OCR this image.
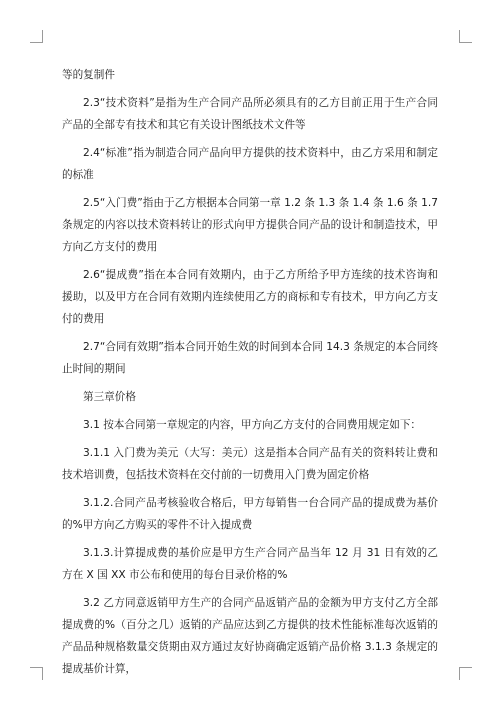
等的复制件

2.3“技术资料”是指为生产合同产品所必须具有的乙方目前正用于生产合同产品的全部专有技术和其它有关设计图纸技术文件等

2.4“标准”指为制造合同产品向甲方提供的技术资料中，由乙方采用和制定的标准

2.5“入门费”指由于乙方根据本合同第一章 1.2 条 1.3 条 1.4 条 1.6 条 1.7 条规定的内容以技术资料转让的形式向甲方提供合同产品的设计和制造技术，甲方向乙方支付的费用

2.6“提成费”指在本合同有效期内，由于乙方所给予甲方连续的技术咨询和援助，以及甲方在合同有效期内连续使用乙方的商标和专有技术，甲方向乙方支付的费用

2.7“合同有效期”指本合同开始生效的时间到本合同 14.3 条规定的本合同终止时间的期间

第三章价格

3.1 按本合同第一章规定的内容，甲方向乙方支付的合同费用规定如下：

3.1.1 入门费为美元（大写：美元）这是指本合同产品有关的资料转让费和技术培训费，包括技术资料在交付前的一切费用入门费为固定价格

3.1.2.合同产品考核验收合格后，甲方每销售一台合同产品的提成费为基价的%甲方向乙方购买的零件不计入提成费

3.1.3.计算提成费的基价应是甲方生产合同产品当年 12 月 31 日有效的乙方在 X 国 XX 市公布和使用的每台目录价格的%

3.2 乙方同意返销甲方生产的合同产品返销产品的金额为甲方支付乙方全部提成费的%（百分之几）返销的产品应达到乙方提供的技术性能标准每次返销的产品品种规格数量交货期由双方通过友好协商确定返销产品价格 3.1.3 条规定的提成基价计算，
